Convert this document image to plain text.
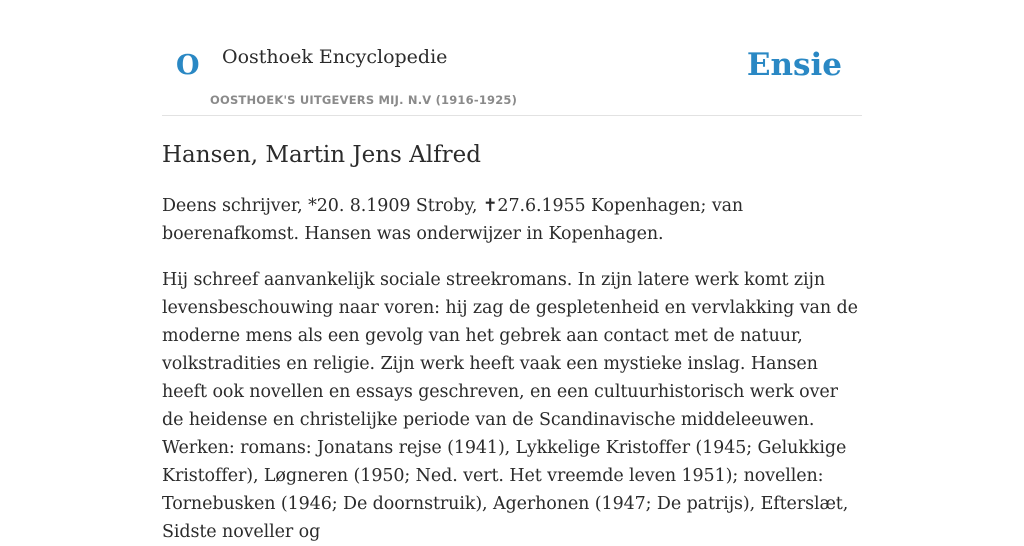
O Oosthoek Encyclopedie
OOSTHOEK'S UITGEVERS MIJ. N.V (1916-1925)
Ensie
Hansen, Martin Jens Alfred

Deens schrijver, *20. 8.1909 Stroby, ✝27.6.1955 Kopenhagen; van boerenafkomst. Hansen was onderwijzer in Kopenhagen.

Hij schreef aanvankelijk sociale streekromans. In zijn latere werk komt zijn levensbeschouwing naar voren: hij zag de gespletenheid en vervlakking van de moderne mens als een gevolg van het gebrek aan contact met de natuur, volkstradities en religie. Zijn werk heeft vaak een mystieke inslag. Hansen heeft ook novellen en essays geschreven, en een cultuurhistorisch werk over de heidense en christelijke periode van de Scandinavische middeleeuwen. Werken: romans: Jonatans rejse (1941), Lykkelige Kristoffer (1945; Gelukkige Kristoffer), Løgneren (1950; Ned. vert. Het vreemde leven 1951); novellen: Tornebusken (1946; De doornstruik), Agerhonen (1947; De patrijs), Efterslæt, Sidste noveller og
